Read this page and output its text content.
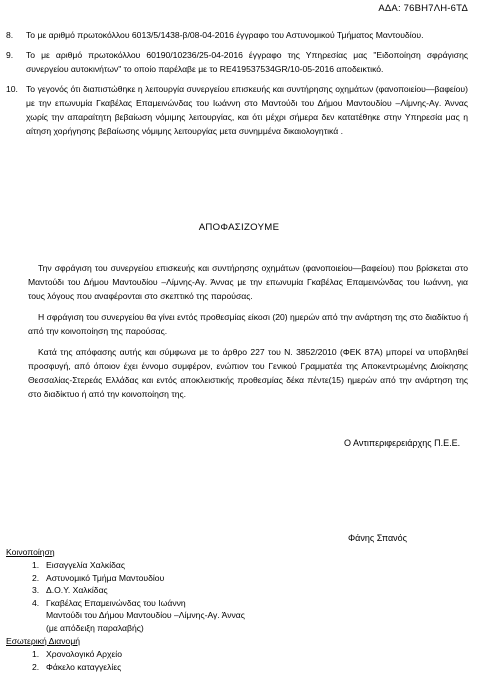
ΑΔΑ: 76ΒΗ7ΛΗ-6ΤΔ
8.	Το με αριθμό πρωτοκόλλου 6013/5/1438-β/08-04-2016 έγγραφο του Αστυνομικού Τμήματος Μαντουδίου.
9.	Το με αριθμό πρωτοκόλλου 60190/10236/25-04-2016 έγγραφο της Υπηρεσίας μας "Ειδοποίηση σφράγισης συνεργείου αυτοκινήτων" το οποίο παρέλαβε με το RE419537534GR/10-05-2016 αποδεικτικό.
10. Το γεγονός ότι διαπιστώθηκε η λειτουργία συνεργείου επισκευής και συντήρησης οχημάτων (φανοποιείου—βαφείου) με την επωνυμία Γκαβέλας Επαμεινώνδας του Ιωάννη στο Μαντούδι του Δήμου Μαντουδίου –Λίμνης-Αγ. Άννας χωρίς την απαραίτητη βεβαίωση νόμιμης λειτουργίας, και ότι μέχρι σήμερα δεν κατατέθηκε στην Υπηρεσία μας η αίτηση χορήγησης βεβαίωσης νόμιμης λειτουργίας μετα συνημμένα δικαιολογητικά .
ΑΠΟΦΑΣΙΖΟΥΜΕ

Την σφράγιση του συνεργείου επισκευής και συντήρησης οχημάτων (φανοποιείου—βαφείου) που βρίσκεται στο Μαντούδι του Δήμου Μαντουδίου –Λίμνης-Αγ. Άννας με την επωνυμία Γκαβέλας Επαμεινώνδας του Ιωάννη, για τους λόγους που αναφέρονται στο σκεπτικό της παρούσας.

Η σφράγιση του συνεργείου θα γίνει εντός προθεσμίας είκοσι (20) ημερών από την ανάρτηση της στο διαδίκτυο ή από την κοινοποίηση της παρούσας.

Κατά της απόφασης αυτής και σύμφωνα με το άρθρο 227 του Ν. 3852/2010 (ΦΕΚ 87Α) μπορεί να υποβληθεί προσφυγή, από όποιον έχει έννομο συμφέρον, ενώπιον του Γενικού Γραμματέα της Αποκεντρωμένης Διοίκησης Θεσσαλίας-Στερεάς Ελλάδας και εντός αποκλειστικής προθεσμίας δέκα πέντε(15) ημερών από την ανάρτηση της στο διαδίκτυο ή από την κοινοποίηση της.

Ο Αντιπεριφερειάρχης Π.Ε.Ε.
Φάνης Σπανός
Κοινοποίηση
1. Εισαγγελία Χαλκίδας
2. Αστυνομικό Τμήμα Μαντουδίου
3. Δ.Ο.Υ. Χαλκίδας
4. Γκαβέλας Επαμεινώνδας του Ιωάννη
Μαντούδι του Δήμου Μαντουδίου –Λίμνης-Αγ. Άννας
(με απόδειξη παραλαβής)
Εσωτερική Διανομή
1. Χρονολογικό Αρχείο
2. Φάκελο καταγγελίες
